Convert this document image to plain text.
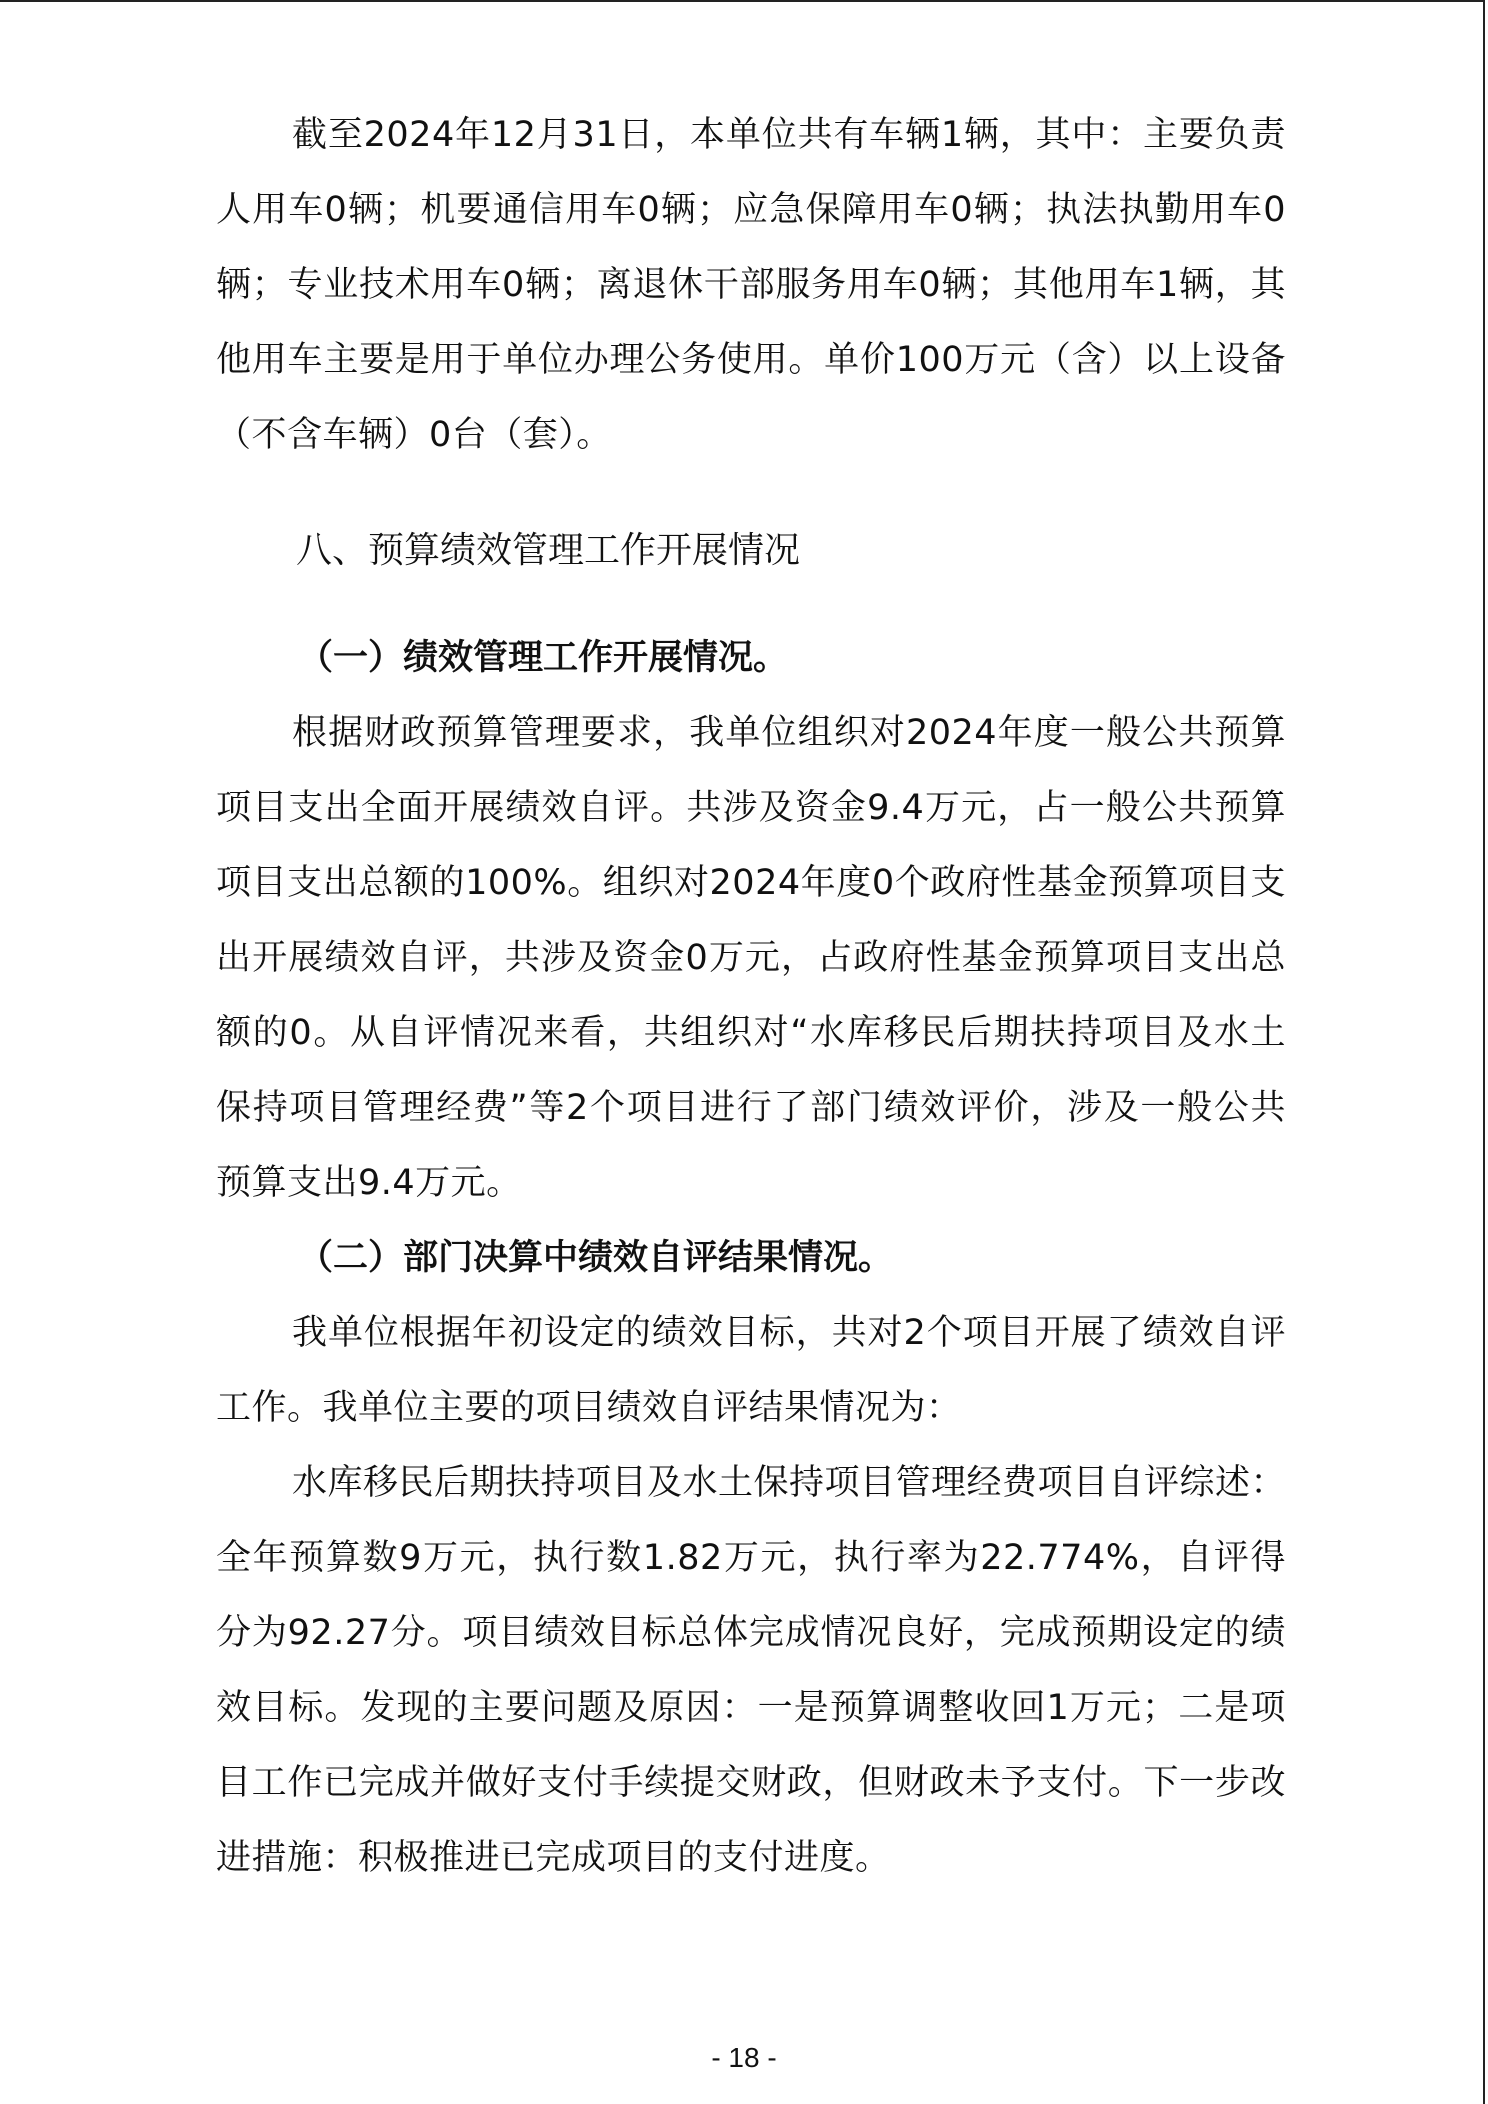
截至2024年12月31日，本单位共有车辆1辆，其中：主要负责人用车0辆；机要通信用车0辆；应急保障用车0辆；执法执勤用车0辆；专业技术用车0辆；离退休干部服务用车0辆；其他用车1辆，其他用车主要是用于单位办理公务使用。单价100万元（含）以上设备（不含车辆）0台（套）。

八、预算绩效管理工作开展情况
（一）绩效管理工作开展情况。

根据财政预算管理要求，我单位组织对2024年度一般公共预算项目支出全面开展绩效自评。共涉及资金9.4万元，占一般公共预算项目支出总额的100%。组织对2024年度0个政府性基金预算项目支出开展绩效自评，共涉及资金0万元，占政府性基金预算项目支出总额的0。从自评情况来看，共组织对“水库移民后期扶持项目及水土保持项目管理经费”等2个项目进行了部门绩效评价，涉及一般公共预算支出9.4万元。

（二）部门决算中绩效自评结果情况。

我单位根据年初设定的绩效目标，共对2个项目开展了绩效自评工作。我单位主要的项目绩效自评结果情况为：

水库移民后期扶持项目及水土保持项目管理经费项目自评综述：全年预算数9万元，执行数1.82万元，执行率为22.774%，自评得分为92.27分。项目绩效目标总体完成情况良好，完成预期设定的绩效目标。发现的主要问题及原因：一是预算调整收回1万元；二是项目工作已完成并做好支付手续提交财政，但财政未予支付。下一步改进措施：积极推进已完成项目的支付进度。

- 18 -
